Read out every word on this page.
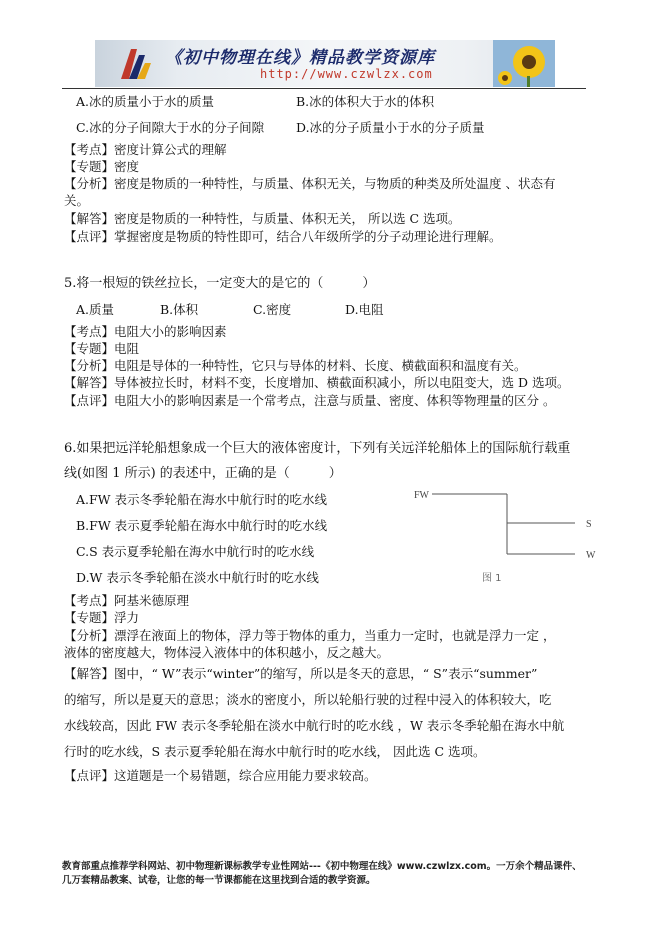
《初中物理在线》精品教学资源库
http://www.czwlzx.com
A.冰的质量小于水的质量	B.冰的体积大于水的体积
C.冰的分子间隙大于水的分子间隙	D.冰的分子质量小于水的分子质量
【考点】密度计算公式的理解
【专题】密度
【分析】密度是物质的一种特性，与质量、体积无关，与物质的种类及所处温度 、状态有
关。
【解答】密度是物质的一种特性，与质量、体积无关， 所以选 C 选项。
【点评】掌握密度是物质的特性即可，结合八年级所学的分子动理论进行理解。
5.将一根短的铁丝拉长，一定变大的是它的（　　　）
A.质量	B.体积	C.密度	D.电阻
【考点】电阻大小的影响因素
【专题】电阻
【分析】电阻是导体的一种特性，它只与导体的材料、长度、横截面积和温度有关。
【解答】导体被拉长时，材料不变，长度增加、横截面积减小，所以电阻变大，选 D 选项。
【点评】电阻大小的影响因素是一个常考点，注意与质量、密度、体积等物理量的区分 。
6.如果把远洋轮船想象成一个巨大的液体密度计，下列有关远洋轮船体上的国际航行载重
线(如图 1 所示) 的表述中，正确的是（　　　）
A.FW 表示冬季轮船在海水中航行时的吃水线
B.FW 表示夏季轮船在海水中航行时的吃水线
C.S 表示夏季轮船在海水中航行时的吃水线
D.W 表示冬季轮船在淡水中航行时的吃水线
FW
S
W
图 1
【考点】阿基米德原理
【专题】浮力
【分析】漂浮在液面上的物体，浮力等于物体的重力，当重力一定时，也就是浮力一定 ，
液体的密度越大，物体浸入液体中的体积越小，反之越大。
【解答】图中，“ W”表示“winter”的缩写，所以是冬天的意思，“ S”表示“summer”
的缩写，所以是夏天的意思；淡水的密度小，所以轮船行驶的过程中浸入的体积较大，吃
水线较高，因此 FW 表示冬季轮船在淡水中航行时的吃水线 ，W 表示冬季轮船在海水中航
行时的吃水线，S 表示夏季轮船在海水中航行时的吃水线， 因此选 C 选项。
【点评】这道题是一个易错题，综合应用能力要求较高。
教育部重点推荐学科网站、初中物理新课标教学专业性网站---《初中物理在线》www.czwlzx.com。一万余个精品课件、
几万套精品教案、试卷，让您的每一节课都能在这里找到合适的教学资源。
